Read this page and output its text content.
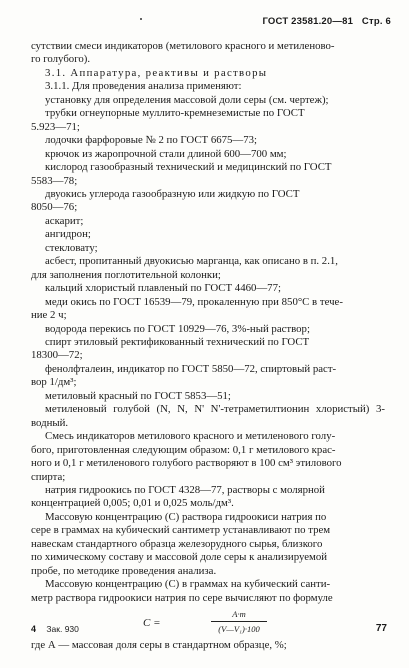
ГОСТ 23581.20—81 Стр. 6

сутствии смеси индикаторов (метилового красного и метиленово-

го голубого).

3.1. Аппаратура, реактивы и растворы

3.1.1. Для проведения анализа применяют:

установку для определения массовой доли серы (см. чертеж);

трубки огнеупорные муллито-кремнеземистые по ГОСТ

5.923—71;

лодочки фарфоровые № 2 по ГОСТ 6675—73;

крючок из жаропрочной стали длиной 600—700 мм;

кислород газообразный технический и медицинский по ГОСТ

5583—78;

двуокись углерода газообразную или жидкую по ГОСТ

8050—76;

аскарит;

ангидрон;

стекловату;

асбест, пропитанный двуокисью марганца, как описано в п. 2.1,

для заполнения поглотительной колонки;

кальций хлористый плавленый по ГОСТ 4460—77;

меди окись по ГОСТ 16539—79, прокаленную при 850°С в тече-

ние 2 ч;

водорода перекись по ГОСТ 10929—76, 3%-ный раствор;

спирт этиловый ректификованный технический по ГОСТ

18300—72;

фенолфталеин, индикатор по ГОСТ 5850—72, спиртовый раст-

вор 1/дм³;

метиловый красный по ГОСТ 5853—51;

метиленовый голубой (N, N, N' N'-тетраметилтионин хлористый) 3-водный.

Смесь индикаторов метилового красного и метиленового голу-

бого, приготовленная следующим образом: 0,1 г метилового крас-

ного и 0,1 г метиленового голубого растворяют в 100 см³ этилового

спирта;

натрия гидроокись по ГОСТ 4328—77, растворы с молярной

концентрацией 0,005; 0,01 и 0,025 моль/дм³.

Массовую концентрацию (С) раствора гидроокиси натрия по

сере в граммах на кубический сантиметр устанавливают по трем

навескам стандартного образца железорудного сырья, близкого

по химическому составу и массовой доле серы к анализируемой

пробе, по методике проведения анализа.

Массовую концентрацию (С) в граммах на кубический санти-

метр раствора гидроокиси натрия по сере вычисляют по формуле

C =
A·m
(V—V₁)·100

где А — массовая доля серы в стандартном образце, %;

4 Зак. 930	77
